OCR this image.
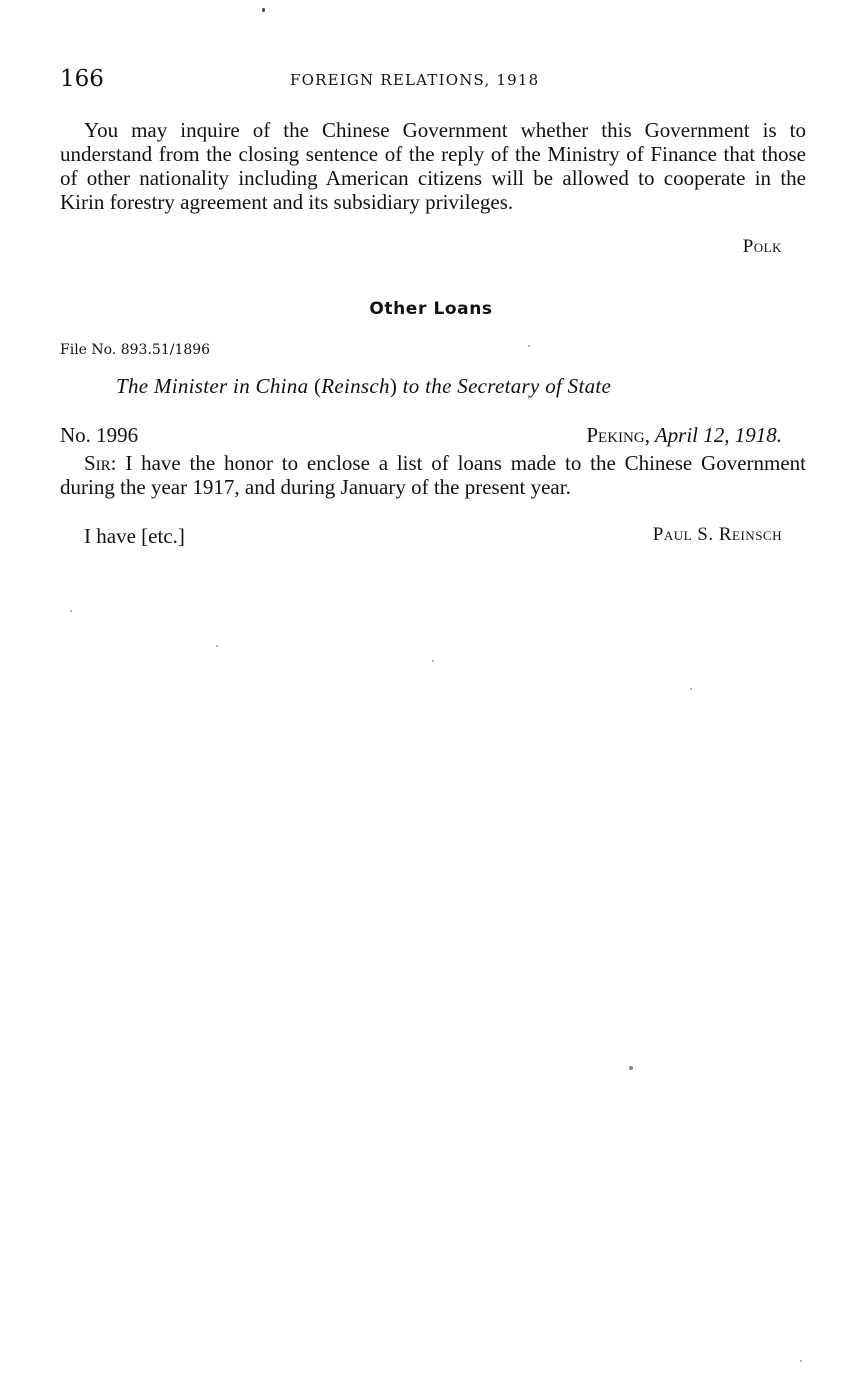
166	FOREIGN RELATIONS, 1918
You may inquire of the Chinese Government whether this Government is to understand from the closing sentence of the reply of the Ministry of Finance that those of other nationality including American citizens will be allowed to cooperate in the Kirin forestry agreement and its subsidiary privileges.
Polk
Other Loans
File No. 893.51/1896
The Minister in China (Reinsch) to the Secretary of State
No. 1996	Peking, April 12, 1918.
Sir: I have the honor to enclose a list of loans made to the Chinese Government during the year 1917, and during January of the present year.
I have [etc.]	Paul S. Reinsch
